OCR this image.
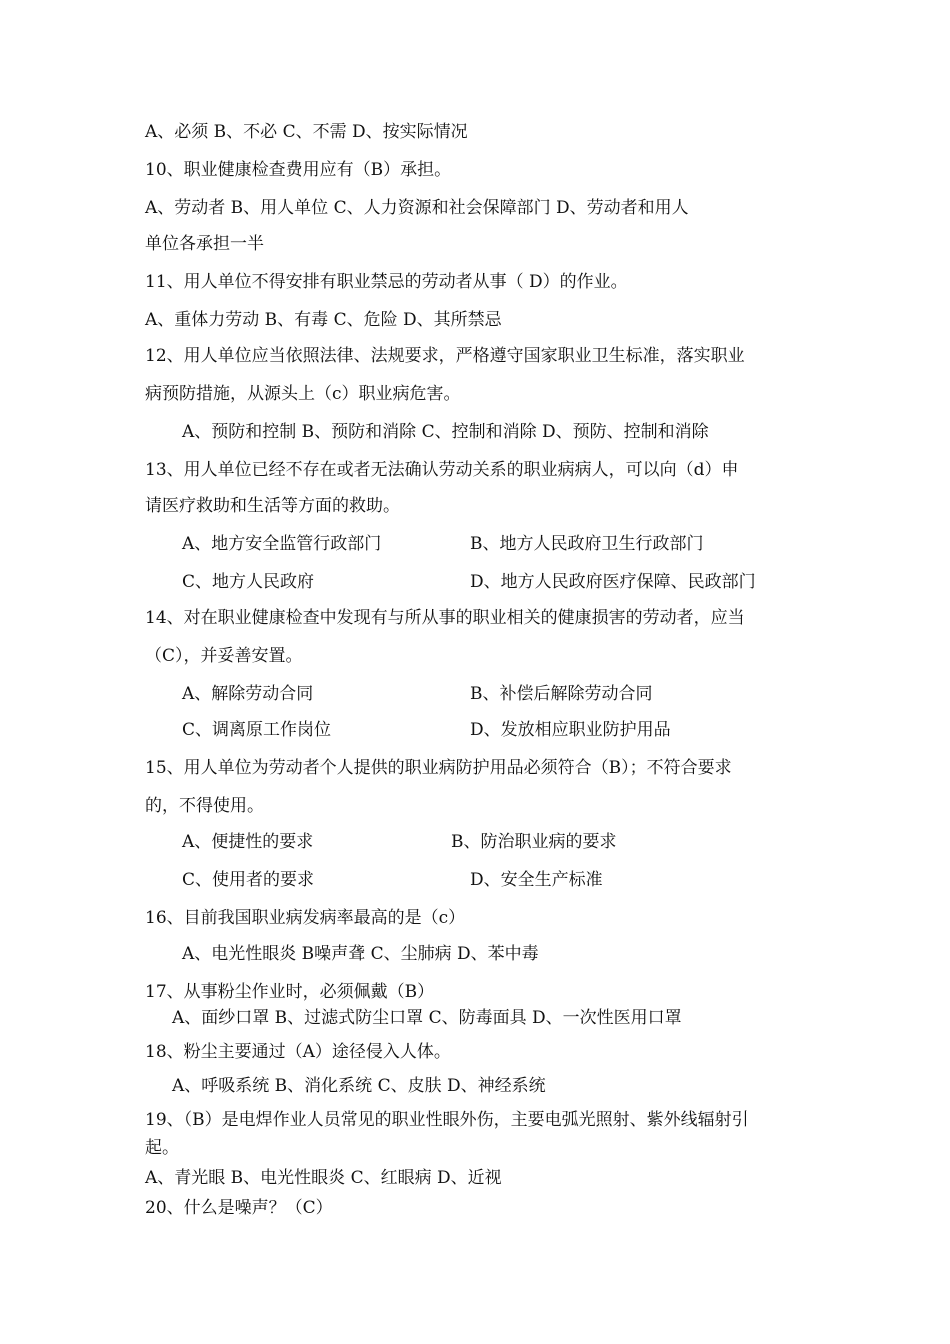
A、必须 B、不必 C、不需 D、按实际情况
10、职业健康检查费用应有（B）承担。
A、劳动者 B、用人单位 C、人力资源和社会保障部门 D、劳动者和用人
单位各承担一半
11、用人单位不得安排有职业禁忌的劳动者从事（ D）的作业。
A、重体力劳动 B、有毒 C、危险 D、其所禁忌
12、用人单位应当依照法律、法规要求，严格遵守国家职业卫生标准，落实职业
病预防措施，从源头上（c）职业病危害。
A、预防和控制 B、预防和消除 C、控制和消除 D、预防、控制和消除
13、用人单位已经不存在或者无法确认劳动关系的职业病病人，可以向（d）申
请医疗救助和生活等方面的救助。
A、地方安全监管行政部门	B、地方人民政府卫生行政部门
C、地方人民政府	D、地方人民政府医疗保障、民政部门
14、对在职业健康检查中发现有与所从事的职业相关的健康损害的劳动者，应当
（C），并妥善安置。
A、解除劳动合同	B、补偿后解除劳动合同
C、调离原工作岗位	D、发放相应职业防护用品
15、用人单位为劳动者个人提供的职业病防护用品必须符合（B）；不符合要求
的，不得使用。
A、便捷性的要求	B、防治职业病的要求
C、使用者的要求	D、安全生产标准
16、目前我国职业病发病率最高的是（c）
A、电光性眼炎 B噪声聋 C、尘肺病 D、苯中毒
17、从事粉尘作业时，必须佩戴（B）
A、面纱口罩 B、过滤式防尘口罩 C、防毒面具 D、一次性医用口罩
18、粉尘主要通过（A）途径侵入人体。
A、呼吸系统 B、消化系统 C、皮肤 D、神经系统
19、（B）是电焊作业人员常见的职业性眼外伤，主要电弧光照射、紫外线辐射引
起。
A、青光眼 B、电光性眼炎 C、红眼病 D、近视
20、什么是噪声？（C）
